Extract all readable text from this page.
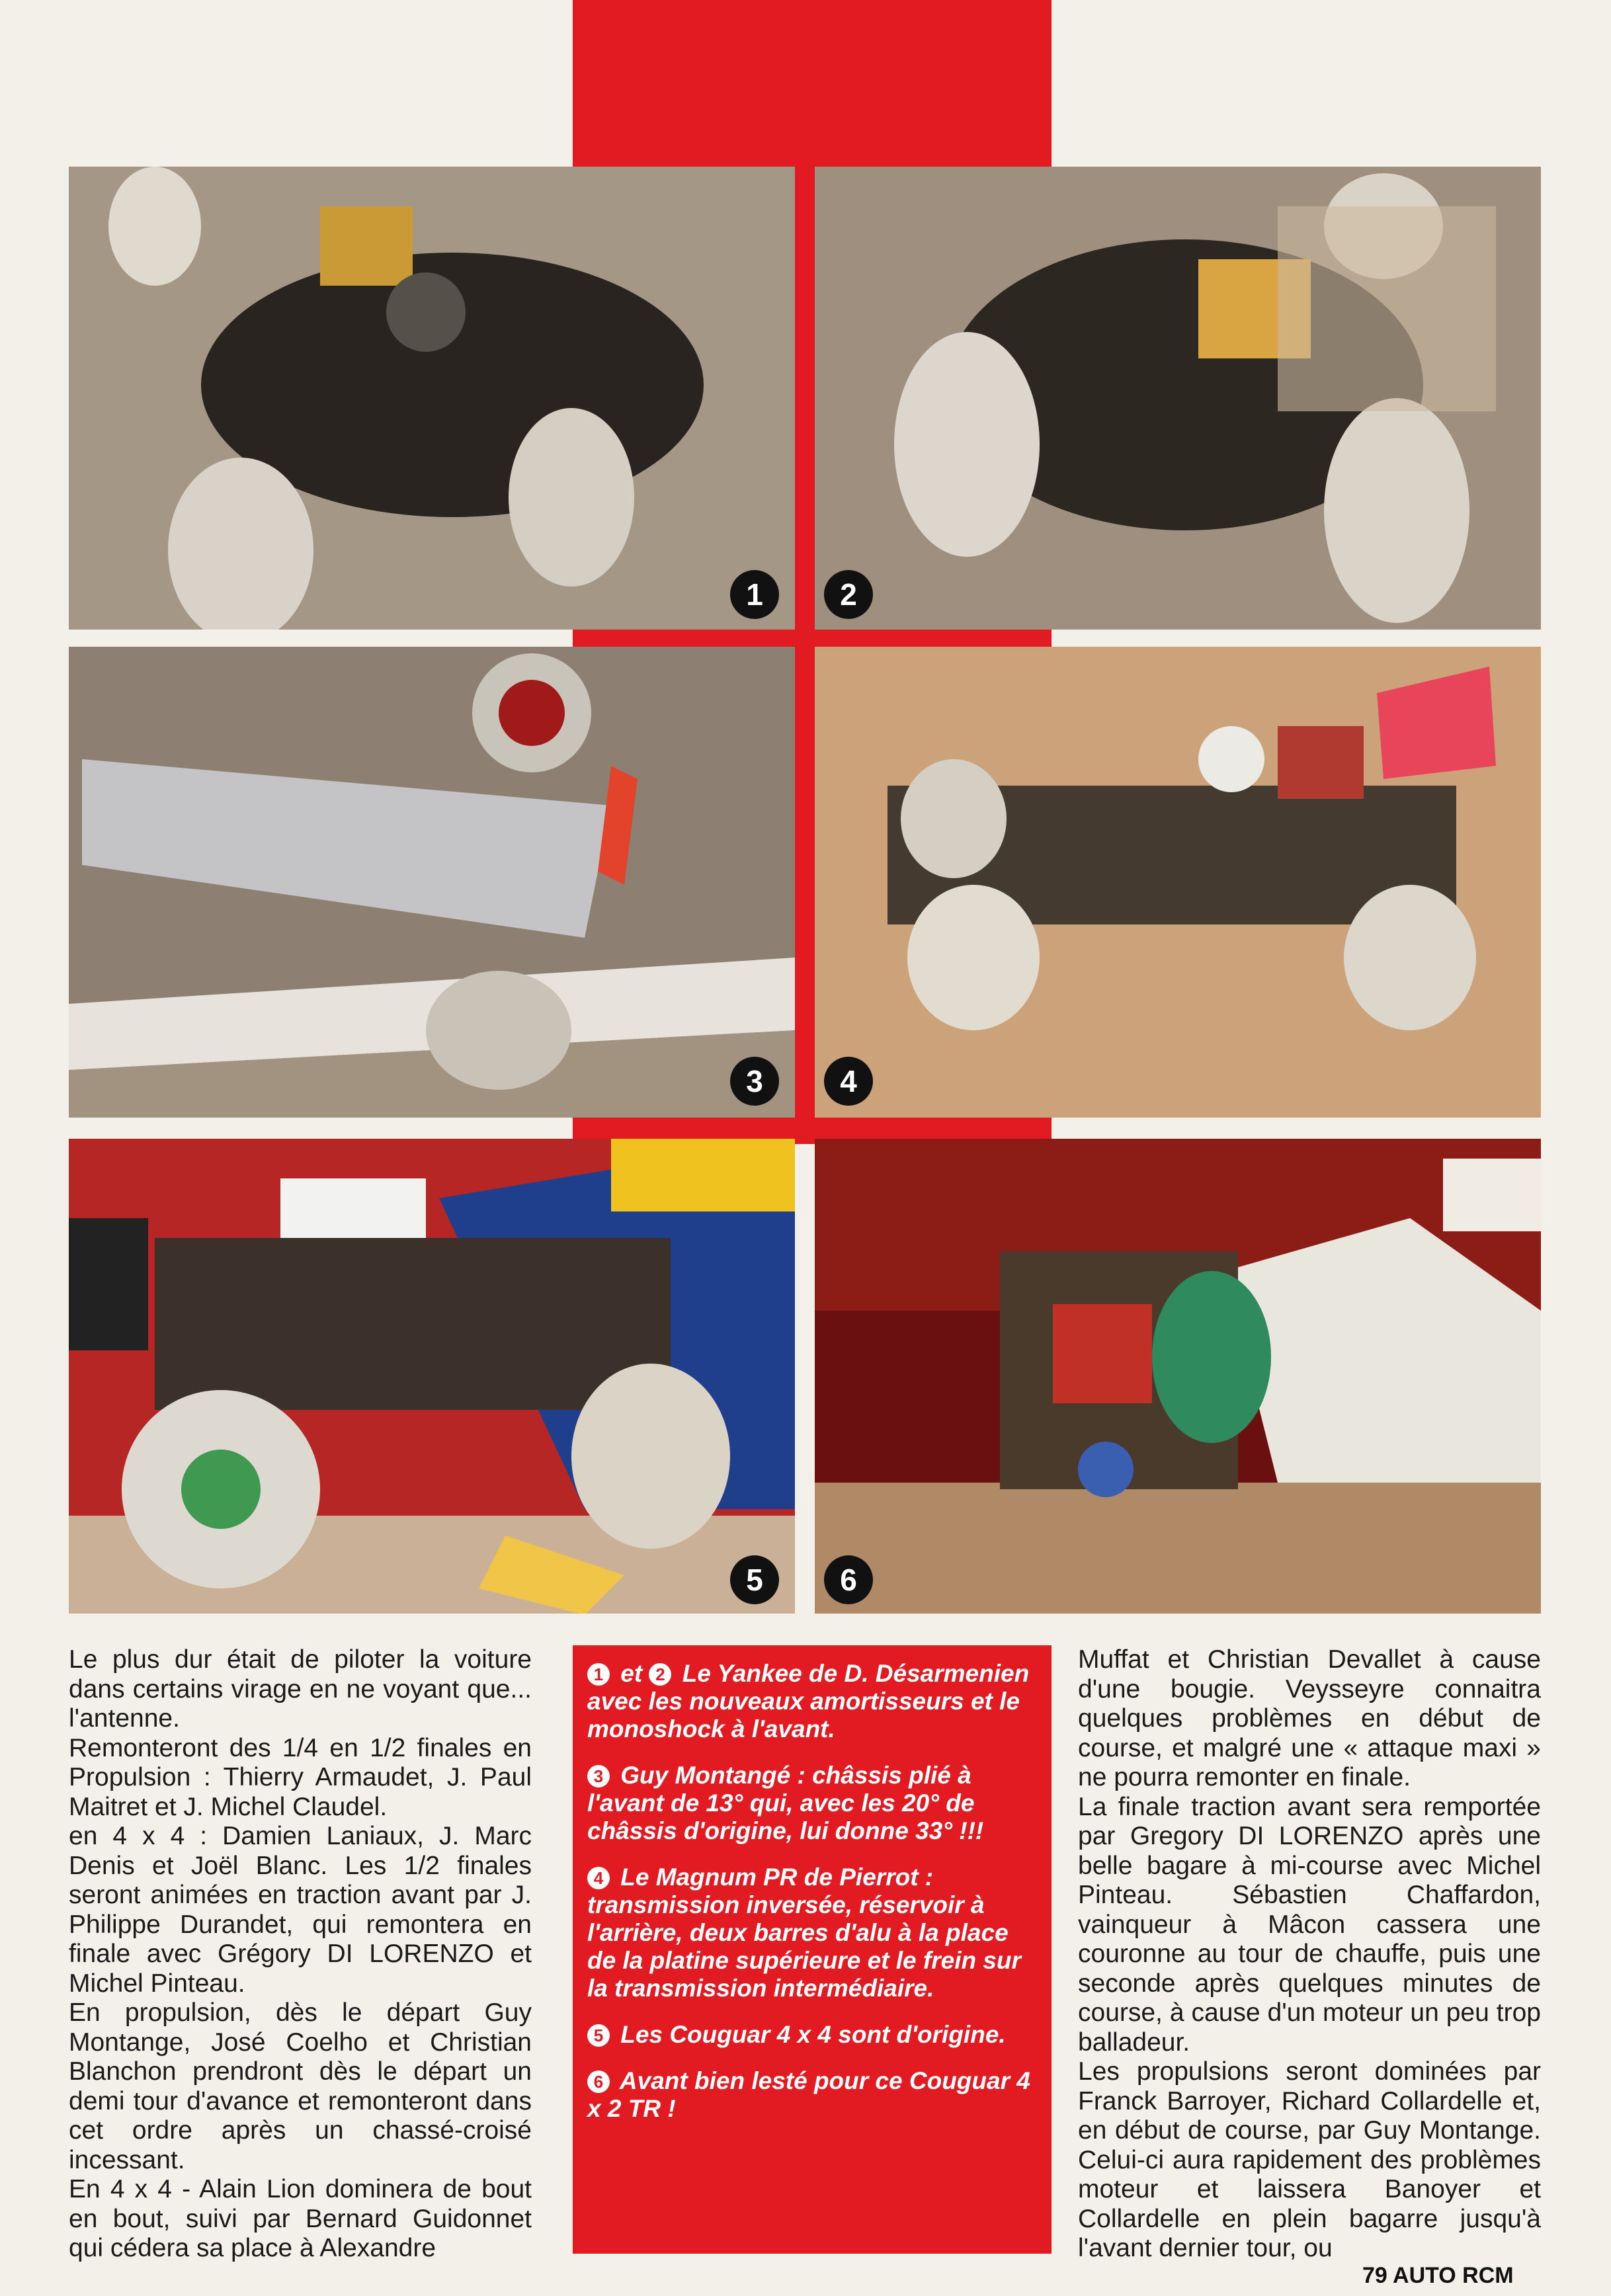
1	2
3	4
5	6

Le plus dur était de piloter la voiture dans certains virage en ne voyant que... l'antenne.

Remonteront des 1/4 en 1/2 finales en Propulsion : Thierry Armaudet, J. Paul Maitret et J. Michel Claudel.

en 4 x 4 : Damien Laniaux, J. Marc Denis et Joël Blanc. Les 1/2 finales seront animées en traction avant par J. Philippe Durandet, qui remontera en finale avec Grégory DI LORENZO et Michel Pinteau.

En propulsion, dès le départ Guy Montange, José Coelho et Christian Blanchon prendront dès le départ un demi tour d'avance et remonteront dans cet ordre après un chassé-croisé incessant.

En 4 x 4 - Alain Lion dominera de bout en bout, suivi par Bernard Guidonnet qui cédera sa place à Alexandre

1 et 2 Le Yankee de D. Désarmenien avec les nouveaux amortisseurs et le monoshock à l'avant.

3 Guy Montangé : châssis plié à l'avant de 13° qui, avec les 20° de châssis d'origine, lui donne 33° !!!

4 Le Magnum PR de Pierrot : transmission inversée, réservoir à l'arrière, deux barres d'alu à la place de la platine supérieure et le frein sur la transmission intermédiaire.

5 Les Couguar 4 x 4 sont d'origine.

6 Avant bien lesté pour ce Couguar 4 x 2 TR !

Muffat et Christian Devallet à cause d'une bougie. Veysseyre connaitra quelques problèmes en début de course, et malgré une « attaque maxi » ne pourra remonter en finale.

La finale traction avant sera remportée par Gregory DI LORENZO après une belle bagare à mi-course avec Michel Pinteau. Sébastien Chaffardon, vainqueur à Mâcon cassera une couronne au tour de chauffe, puis une seconde après quelques minutes de course, à cause d'un moteur un peu trop balladeur.

Les propulsions seront dominées par Franck Barroyer, Richard Collardelle et, en début de course, par Guy Montange. Celui-ci aura rapidement des problèmes moteur et laissera Banoyer et Collardelle en plein bagarre jusqu'à l'avant dernier tour, ou

79 AUTO RCM
